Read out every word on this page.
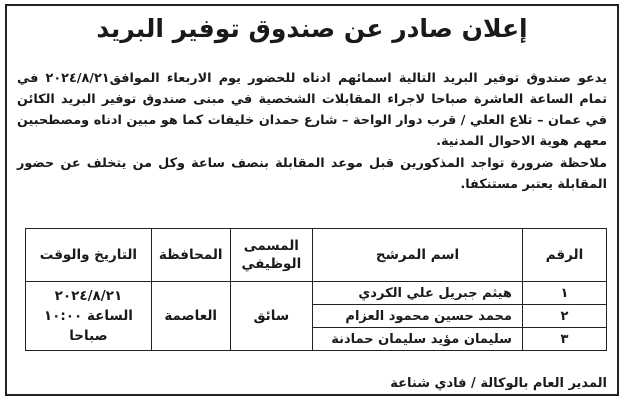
إعلان صادر عن صندوق توفير البريد
يدعو صندوق توفير البريد التالية اسمائهم ادناه للحضور يوم الاربعاء الموافق٢٠٢٤/٨/٢١ في تمام الساعة العاشرة صباحا لاجراء المقابلات الشخصية في مبنى صندوق توفير البريد الكائن في عمان – تلاع العلي / قرب دوار الواحة – شارع حمدان خليفات كما هو مبين ادناه ومصطحبين معهم هوية الاحوال المدنية.
ملاحظة ضرورة تواجد المذكورين قبل موعد المقابلة بنصف ساعة وكل من يتخلف عن حضور المقابلة يعتبر مستنكفا.
الرقم	اسم المرشح	المسمى الوظيفي	المحافظة	التاريخ والوقت
١	هيثم جبريل علي الكردي	سائق	العاصمة	٢٠٢٤/٨/٢١
الساعة ١٠:٠٠
صباحا

٢	محمد حسين محمود العزام			
٣	سليمان مؤيد سليمان حمادنة			
المدير العام بالوكالة / فادي شناعة
